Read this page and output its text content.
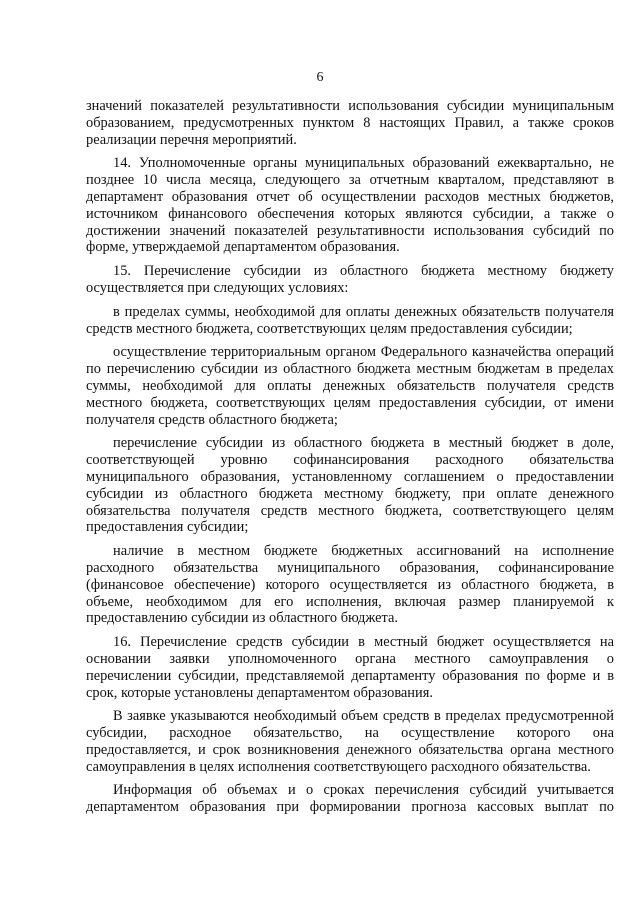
6
значений показателей результативности использования субсидии муниципальным
образованием, предусмотренных пунктом 8 настоящих Правил, а также сроков
реализации перечня мероприятий.
14. Уполномоченные органы муниципальных образований ежеквартально, не
позднее 10 числа месяца, следующего за отчетным кварталом, представляют в
департамент образования отчет об осуществлении расходов местных бюджетов,
источником финансового обеспечения которых являются субсидии, а также о
достижении значений показателей результативности использования субсидий по
форме, утверждаемой департаментом образования.
15. Перечисление субсидии из областного бюджета местному бюджету
осуществляется при следующих условиях:
в пределах суммы, необходимой для оплаты денежных обязательств получателя
средств местного бюджета, соответствующих целям предоставления субсидии;
осуществление территориальным органом Федерального казначейства операций
по перечислению субсидии из областного бюджета местным бюджетам в пределах
суммы, необходимой для оплаты денежных обязательств получателя средств
местного бюджета, соответствующих целям предоставления субсидии, от имени
получателя средств областного бюджета;
перечисление субсидии из областного бюджета в местный бюджет в доле,
соответствующей уровню софинансирования расходного обязательства
муниципального образования, установленному соглашением о предоставлении
субсидии из областного бюджета местному бюджету, при оплате денежного
обязательства получателя средств местного бюджета, соответствующего целям
предоставления субсидии;
наличие в местном бюджете бюджетных ассигнований на исполнение
расходного обязательства муниципального образования, софинансирование
(финансовое обеспечение) которого осуществляется из областного бюджета, в
объеме, необходимом для его исполнения, включая размер планируемой к
предоставлению субсидии из областного бюджета.
16. Перечисление средств субсидии в местный бюджет осуществляется на
основании заявки уполномоченного органа местного самоуправления о
перечислении субсидии, представляемой департаменту образования по форме и в
срок, которые установлены департаментом образования.
В заявке указываются необходимый объем средств в пределах предусмотренной
субсидии, расходное обязательство, на осуществление которого она
предоставляется, и срок возникновения денежного обязательства органа местного
самоуправления в целях исполнения соответствующего расходного обязательства.
Информация об объемах и о сроках перечисления субсидий учитывается
департаментом образования при формировании прогноза кассовых выплат по
